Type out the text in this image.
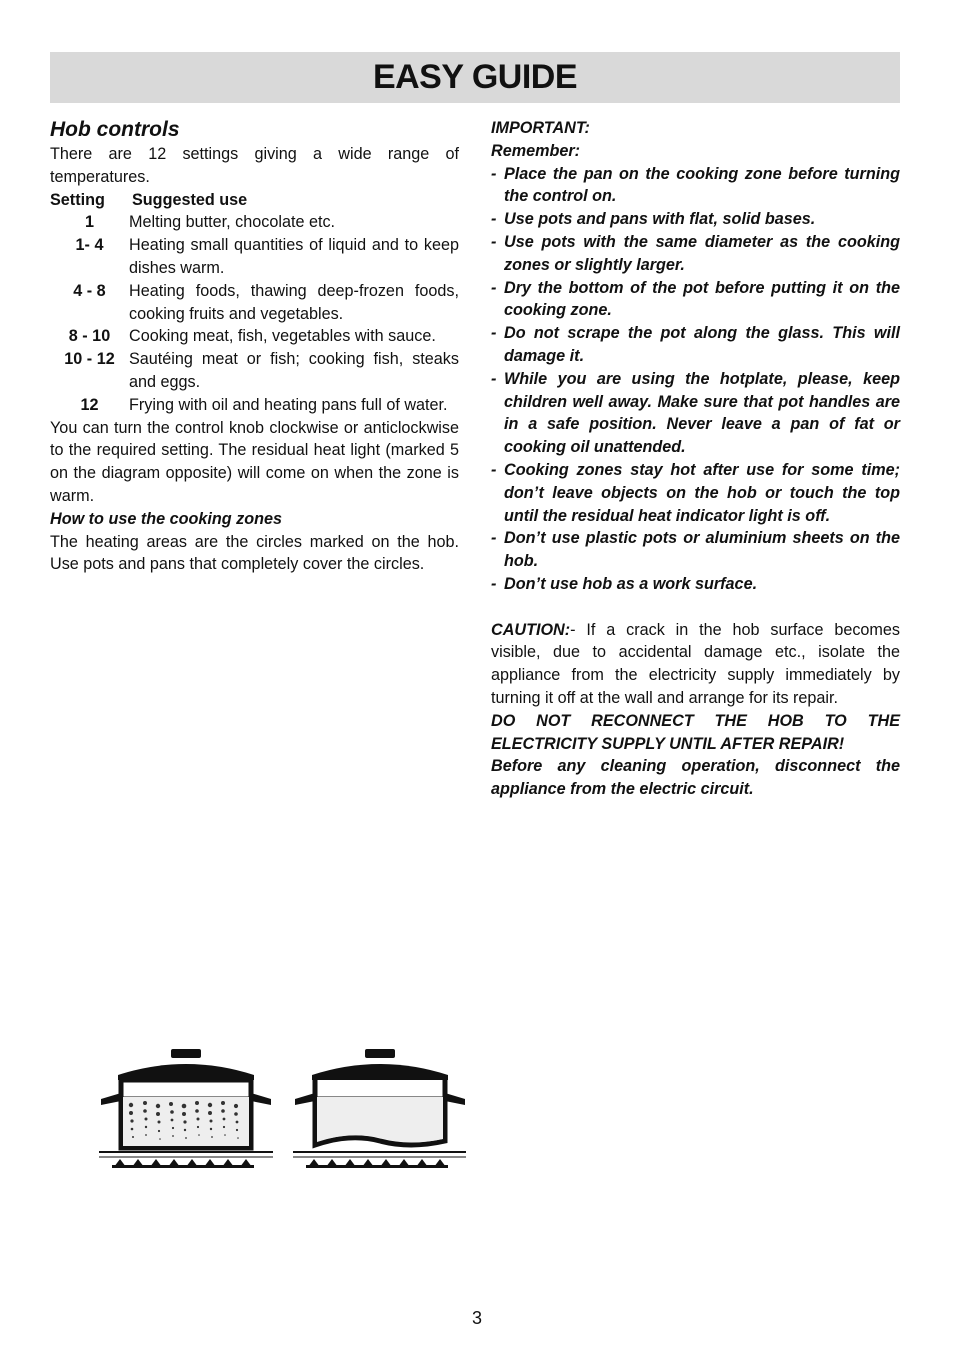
EASY GUIDE
Hob controls

There are 12 settings giving a wide range of temperatures.

Setting	Suggested use
1	Melting butter, chocolate etc.
1- 4	Heating small quantities of liquid and to keep dishes warm.
4 - 8	Heating foods, thawing deep-frozen foods, cooking fruits and vegetables.
8 - 10	Cooking meat, fish, vegetables with sauce.
10 - 12	Sautéing meat or fish; cooking fish, steaks and eggs.
12	Frying with oil and heating pans full of water.

You can turn the control knob clockwise or anticlockwise to the required setting. The residual heat light (marked 5 on the diagram opposite) will come on when the zone is warm.

How to use the cooking zones

The heating areas are the circles marked on the hob. Use pots and pans that completely cover the circles.

IMPORTANT:

Remember:

- Place the pan on the cooking zone before turning the control on.
- Use pots and pans with flat, solid bases.
- Use pots with the same diameter as the cooking zones or slightly larger.
- Dry the bottom of the pot before putting it on the cooking zone.
- Do not scrape the pot along the glass. This will damage it.
- While you are using the hotplate, please, keep children well away. Make sure that pot handles are in a safe position. Never leave a pan of fat or cooking oil unattended.
- Cooking zones stay hot after use for some time; don’t leave objects on the hob or touch the top until the residual heat indicator light is off.
- Don’t use plastic pots or aluminium sheets on the hob.
- Don’t use hob as a work surface.

CAUTION:- If a crack in the hob surface becomes visible, due to accidental damage etc., isolate the appliance from the electricity supply immediately by turning it off at the wall and arrange for its repair.

DO NOT RECONNECT THE HOB TO THE ELECTRICITY SUPPLY UNTIL AFTER REPAIR!

Before any cleaning operation, disconnect the appliance from the electric circuit.

3
